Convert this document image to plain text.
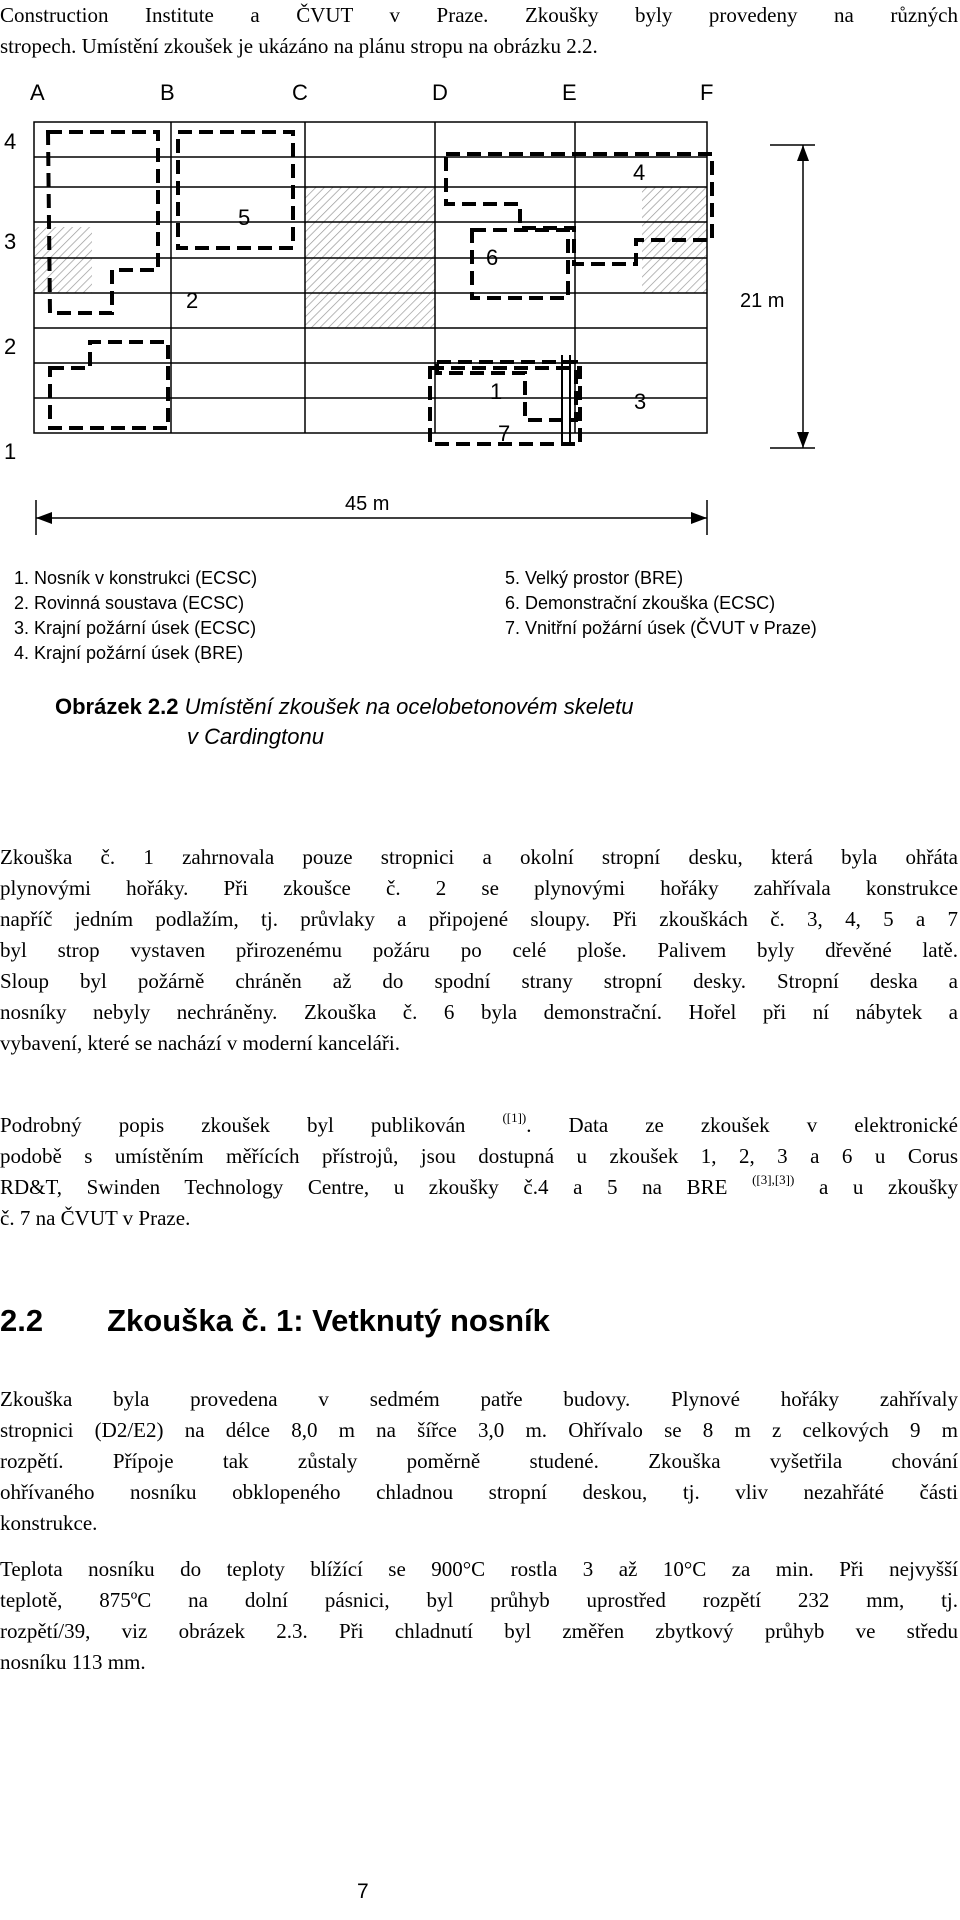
Construction Institute a ČVUT v Praze. Zkoušky byly provedeny na různých
stropech. Umístění zkoušek je ukázáno na plánu stropu na obrázku 2.2.
A	B	C	D	E	F
4
3
2
1
1
2
3
4
5
6
7
45 m
21 m
1. Nosník v konstrukci (ECSC)
2. Rovinná soustava (ECSC)
3. Krajní požární úsek (ECSC)
4. Krajní požární úsek (BRE)
5. Velký prostor (BRE)
6. Demonstrační zkouška (ECSC)
7. Vnitřní požární úsek (ČVUT v Praze)
Obrázek 2.2 Umístění zkoušek na ocelobetonovém skeletu
v Cardingtonu
Zkouška č. 1 zahrnovala pouze stropnici a okolní stropní desku, která byla ohřáta
plynovými hořáky. Při zkoušce č. 2 se plynovými hořáky zahřívala konstrukce
napříč jedním podlažím, tj. průvlaky a připojené sloupy. Při zkouškách č. 3, 4, 5 a 7
byl strop vystaven přirozenému požáru po celé ploše. Palivem byly dřevěné latě.
Sloup byl požárně chráněn až do spodní strany stropní desky. Stropní deska a
nosníky nebyly nechráněny. Zkouška č. 6 byla demonstrační. Hořel při ní nábytek a
vybavení, které se nachází v moderní kanceláři.
Podrobný popis zkoušek byl publikován	$^{([1])}$. Data ze zkoušek v elektronické
podobě s umístěním měřících přístrojů, jsou dostupná u zkoušek 1, 2, 3 a 6 u Corus
RD&T, Swinden Technology Centre, u zkoušky č.4 a 5 na BRE $^{([3],[3])}$ a u zkoušky
č. 7 na ČVUT v Praze.
2.2 Zkouška č. 1: Vetknutý nosník
Zkouška byla provedena v sedmém patře budovy. Plynové hořáky zahřívaly
stropnici (D2/E2) na délce 8,0 m na šířce 3,0 m. Ohřívalo se 8 m z celkových 9 m
rozpětí. Přípoje tak zůstaly poměrně studené. Zkouška vyšetřila chování
ohřívaného nosníku obklopeného chladnou stropní deskou, tj. vliv nezahřáté části
konstrukce.
Teplota nosníku do teploty blížící se 900°C rostla 3 až 10°C za min. Při nejvyšší
teplotě, 875ºC na dolní pásnici, byl průhyb uprostřed rozpětí 232 mm, tj.
rozpětí/39, viz obrázek 2.3. Při chladnutí byl změřen zbytkový průhyb ve středu
nosníku 113 mm.
7
